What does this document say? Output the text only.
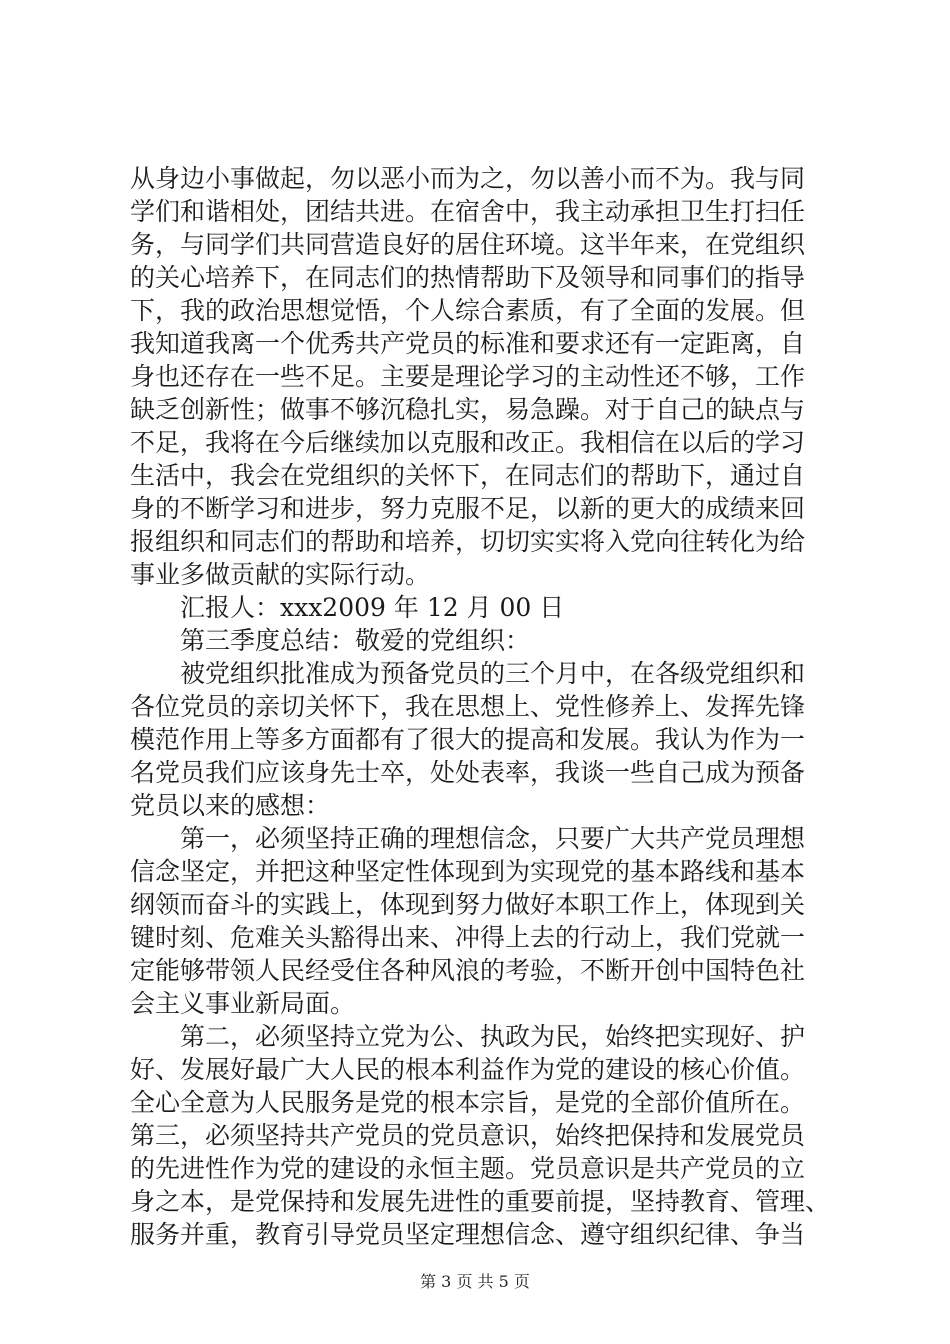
从身边小事做起，勿以恶小而为之，勿以善小而不为。我与同
学们和谐相处，团结共进。在宿舍中，我主动承担卫生打扫任
务，与同学们共同营造良好的居住环境。这半年来，在党组织
的关心培养下，在同志们的热情帮助下及领导和同事们的指导
下，我的政治思想觉悟，个人综合素质，有了全面的发展。但
我知道我离一个优秀共产党员的标准和要求还有一定距离，自
身也还存在一些不足。主要是理论学习的主动性还不够，工作
缺乏创新性；做事不够沉稳扎实，易急躁。对于自己的缺点与
不足，我将在今后继续加以克服和改正。我相信在以后的学习
生活中，我会在党组织的关怀下，在同志们的帮助下，通过自
身的不断学习和进步，努力克服不足，以新的更大的成绩来回
报组织和同志们的帮助和培养，切切实实将入党向往转化为给
事业多做贡献的实际行动。
汇报人：xxx2009 年 12 月 00 日
第三季度总结：敬爱的党组织：
被党组织批准成为预备党员的三个月中，在各级党组织和
各位党员的亲切关怀下，我在思想上、党性修养上、发挥先锋
模范作用上等多方面都有了很大的提高和发展。我认为作为一
名党员我们应该身先士卒，处处表率，我谈一些自己成为预备
党员以来的感想：
第一，必须坚持正确的理想信念，只要广大共产党员理想
信念坚定，并把这种坚定性体现到为实现党的基本路线和基本
纲领而奋斗的实践上，体现到努力做好本职工作上，体现到关
键时刻、危难关头豁得出来、冲得上去的行动上，我们党就一
定能够带领人民经受住各种风浪的考验，不断开创中国特色社
会主义事业新局面。
第二，必须坚持立党为公、执政为民，始终把实现好、护
好、发展好最广大人民的根本利益作为党的建设的核心价值。
全心全意为人民服务是党的根本宗旨，是党的全部价值所在。
第三，必须坚持共产党员的党员意识，始终把保持和发展党员
的先进性作为党的建设的永恒主题。党员意识是共产党员的立
身之本，是党保持和发展先进性的重要前提，坚持教育、管理、
服务并重，教育引导党员坚定理想信念、遵守组织纪律、争当
第 3 页 共 5 页
